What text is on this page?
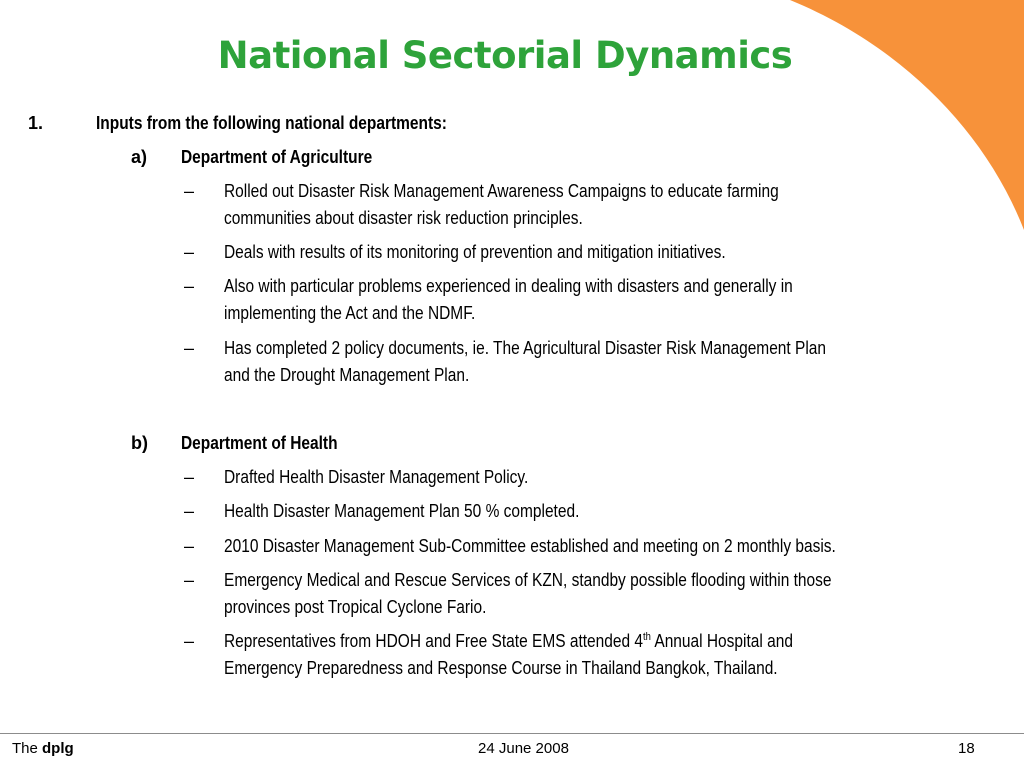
National Sectorial Dynamics
1.	Inputs from the following national departments:
a) Department of Agriculture
– Rolled out Disaster Risk Management Awareness Campaigns to educate farming
communities about disaster risk reduction principles.
– Deals with results of its monitoring of prevention and mitigation initiatives.
– Also with particular problems experienced in dealing with disasters and generally in
implementing the Act and the NDMF.
– Has completed 2 policy documents, ie. The Agricultural Disaster Risk Management Plan
and the Drought Management Plan.
b) Department of Health
– Drafted Health Disaster Management Policy.
– Health Disaster Management Plan 50 % completed.
– 2010 Disaster Management Sub-Committee established and meeting on 2 monthly basis.
– Emergency Medical and Rescue Services of KZN, standby possible flooding within those
provinces post Tropical Cyclone Fario.
– Representatives from HDOH and Free State EMS attended 4th Annual Hospital and
Emergency Preparedness and Response Course in Thailand Bangkok, Thailand.
The dplg	24 June 2008	18
